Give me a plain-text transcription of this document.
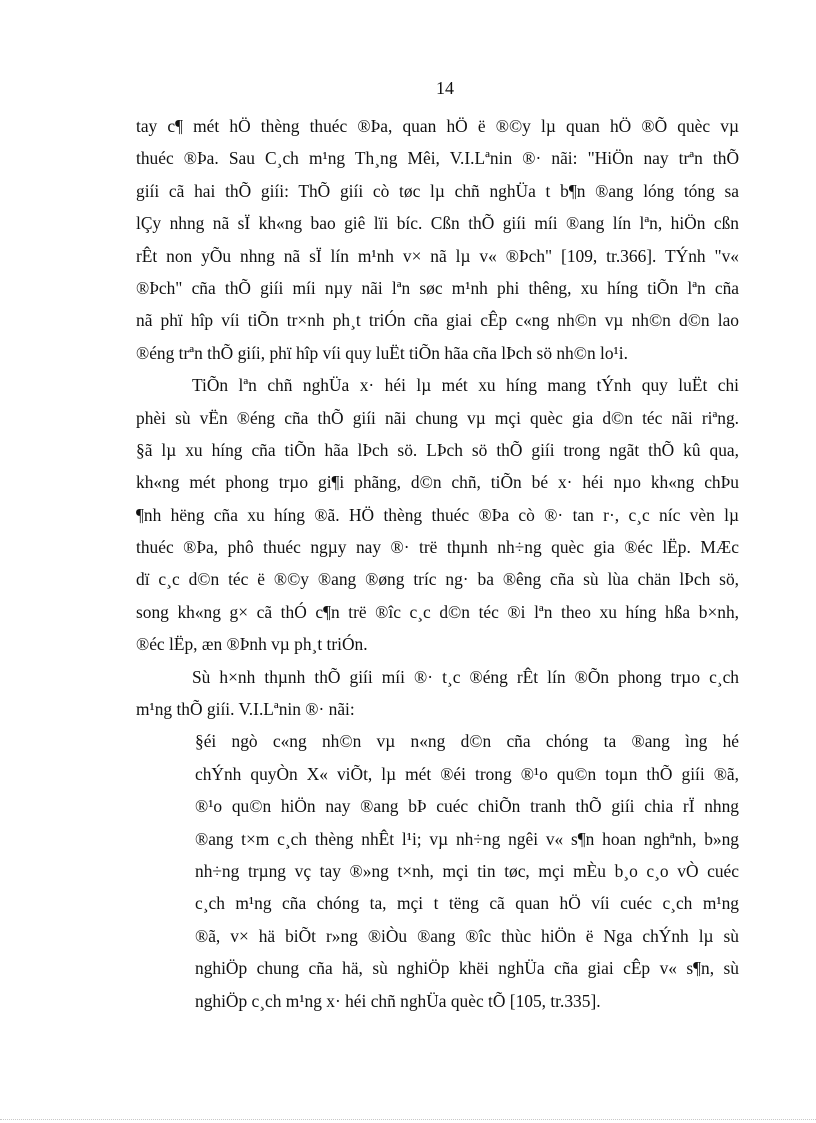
14
tay c¶ mét hÖ thèng thuéc ®Þa, quan hÖ ë ®©y lµ quan hÖ ®Õ quèc vµ
thuéc ®Þa. Sau C¸ch m¹ng Th¸ng Mêi, V.I.Lªnin ®· nãi: "HiÖn nay trªn thÕ
giíi cã hai thÕ giíi: ThÕ giíi cò tøc lµ chñ nghÜa t b¶n ®ang lóng tóng sa
lÇy nhng nã sÏ kh«ng bao giê lïi bíc. Cßn thÕ giíi míi ®ang lín lªn, hiÖn cßn
rÊt non yÕu nhng nã sÏ lín m¹nh v× nã lµ v« ®Þch" [109, tr.366]. TÝnh "v«
®Þch" cña thÕ giíi míi nµy nãi lªn søc m¹nh phi thêng, xu híng tiÕn lªn cña
nã phï hîp víi tiÕn tr×nh ph¸t triÓn cña giai cÊp c«ng nh©n vµ nh©n d©n lao
®éng trªn thÕ giíi, phï hîp víi quy luËt tiÕn hãa cña lÞch sö nh©n lo¹i.
TiÕn lªn chñ nghÜa x· héi lµ mét xu híng mang tÝnh quy luËt chi
phèi sù vËn ®éng cña thÕ giíi nãi chung vµ mçi quèc gia d©n téc nãi riªng.
§ã lµ xu híng cña tiÕn hãa lÞch sö. LÞch sö thÕ giíi trong ngãt thÕ kû qua,
kh«ng mét phong trµo gi¶i phãng, d©n chñ, tiÕn bé x· héi nµo kh«ng chÞu
¶nh hëng cña xu híng ®ã. HÖ thèng thuéc ®Þa cò ®· tan r·, c¸c níc vèn lµ
thuéc ®Þa, phô thuéc ngµy nay ®· trë thµnh nh÷ng quèc gia ®éc lËp. MÆc
dï c¸c d©n téc ë ®©y ®ang ®øng tríc ng· ba ®êng cña sù lùa chän lÞch sö,
song kh«ng g× cã thÓ c¶n trë ®îc c¸c d©n téc ®i lªn theo xu híng hßa b×nh,
®éc lËp, æn ®Þnh vµ ph¸t triÓn.
Sù h×nh thµnh thÕ giíi míi ®· t¸c ®éng rÊt lín ®Õn phong trµo c¸ch
m¹ng thÕ giíi. V.I.Lªnin ®· nãi:
§éi ngò c«ng nh©n vµ n«ng d©n cña chóng ta ®ang ìng hé
chÝnh quyÒn X« viÕt, lµ mét ®éi trong ®¹o qu©n toµn thÕ giíi ®ã,
®¹o qu©n hiÖn nay ®ang bÞ cuéc chiÕn tranh thÕ giíi chia rÏ nhng
®ang t×m c¸ch thèng nhÊt l¹i; vµ nh÷ng ngêi v« s¶n hoan nghªnh, b»ng
nh÷ng trµng vç tay ®»ng t×nh, mçi tin tøc, mçi mÈu b¸o c¸o vÒ cuéc
c¸ch m¹ng cña chóng ta, mçi t tëng cã quan hÖ víi cuéc c¸ch m¹ng
®ã, v× hä biÕt r»ng ®iÒu ®ang ®îc thùc hiÖn ë Nga chÝnh lµ sù
nghiÖp chung cña hä, sù nghiÖp khëi nghÜa cña giai cÊp v« s¶n, sù
nghiÖp c¸ch m¹ng x· héi chñ nghÜa quèc tÕ [105, tr.335].
